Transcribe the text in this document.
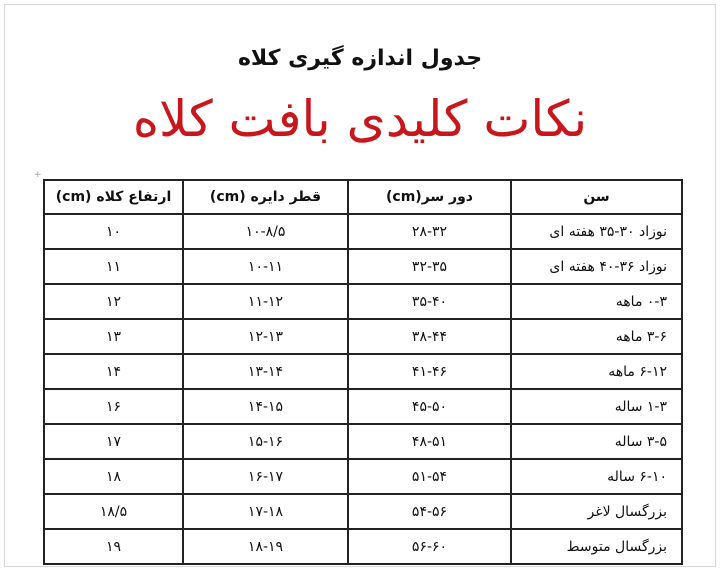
جدول اندازه گیری کلاه
نکات کلیدی بافت کلاه
+
سن	دور سر(cm)	قطر دایره (cm)	ارتفاع کلاه (cm)
نوزاد ۳۰-۳۵ هفته ای	۲۸-۳۲	۱۰-۸/۵	۱۰
نوزاد ۳۶-۴۰ هفته ای	۳۲-۳۵	۱۰-۱۱	۱۱
۰-۳ ماهه	۳۵-۴۰	۱۱-۱۲	۱۲
۳-۶ ماهه	۳۸-۴۴	۱۲-۱۳	۱۳
۶-۱۲ ماهه	۴۱-۴۶	۱۳-۱۴	۱۴
۱-۳ ساله	۴۵-۵۰	۱۴-۱۵	۱۶
۳-۵ ساله	۴۸-۵۱	۱۵-۱۶	۱۷
۶-۱۰ ساله	۵۱-۵۴	۱۶-۱۷	۱۸
بزرگسال لاغر	۵۴-۵۶	۱۷-۱۸	۱۸/۵
بزرگسال متوسط	۵۶-۶۰	۱۸-۱۹	۱۹
